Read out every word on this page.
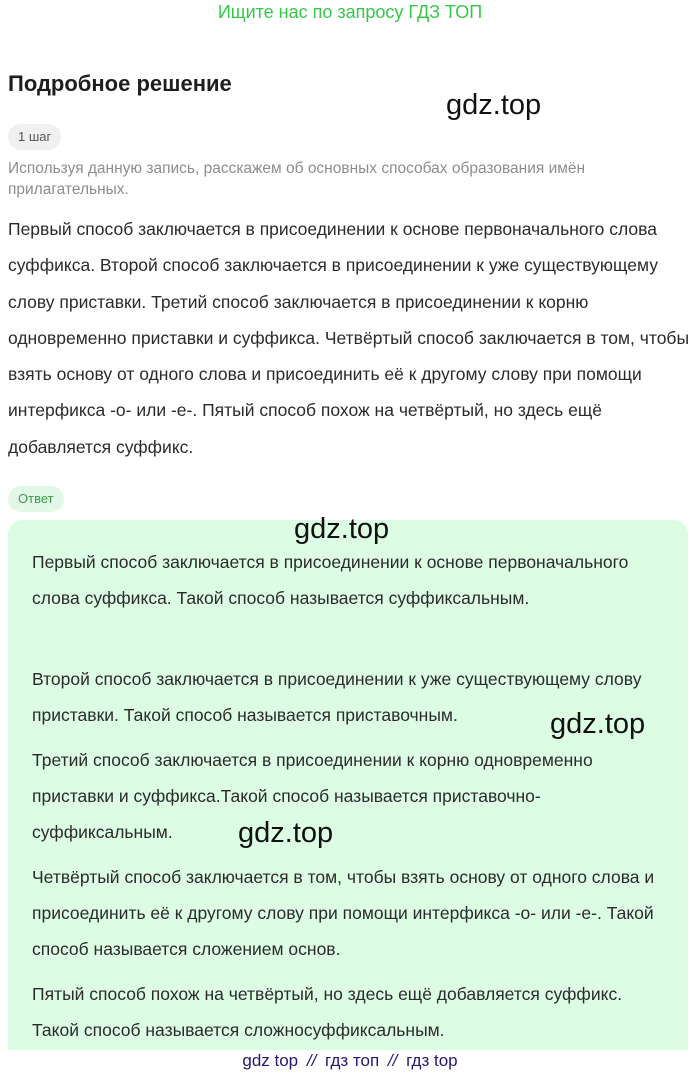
Ищите нас по запросу ГДЗ ТОП
Подробное решение
gdz.top
1 шаг
Используя данную запись, расскажем об основных способах образования имён прилагательных.

Первый способ заключается в присоединении к основе первоначального слова суффикса. Второй способ заключается в присоединении к уже существующему слову приставки. Третий способ заключается в присоединении к корню одновременно приставки и суффикса. Четвёртый способ заключается в том, чтобы взять основу от одного слова и присоединить её к другому слову при помощи интерфикса -о- или -е-. Пятый способ похож на четвёртый, но здесь ещё добавляется суффикс.

Ответ

Первый способ заключается в присоединении к основе первоначального слова суффикса. Такой способ называется суффиксальным.

Второй способ заключается в присоединении к уже существующему слову приставки. Такой способ называется приставочным.

Третий способ заключается в присоединении к корню одновременно приставки и суффикса.Такой способ называется приставочно-суффиксальным.

Четвёртый способ заключается в том, чтобы взять основу от одного слова и присоединить её к другому слову при помощи интерфикса -о- или -е-. Такой способ называется сложением основ.

Пятый способ похож на четвёртый, но здесь ещё добавляется суффикс. Такой способ называется сложносуффиксальным.

gdz.top
gdz.top
gdz.top
gdz top // гдз топ // гдз top
